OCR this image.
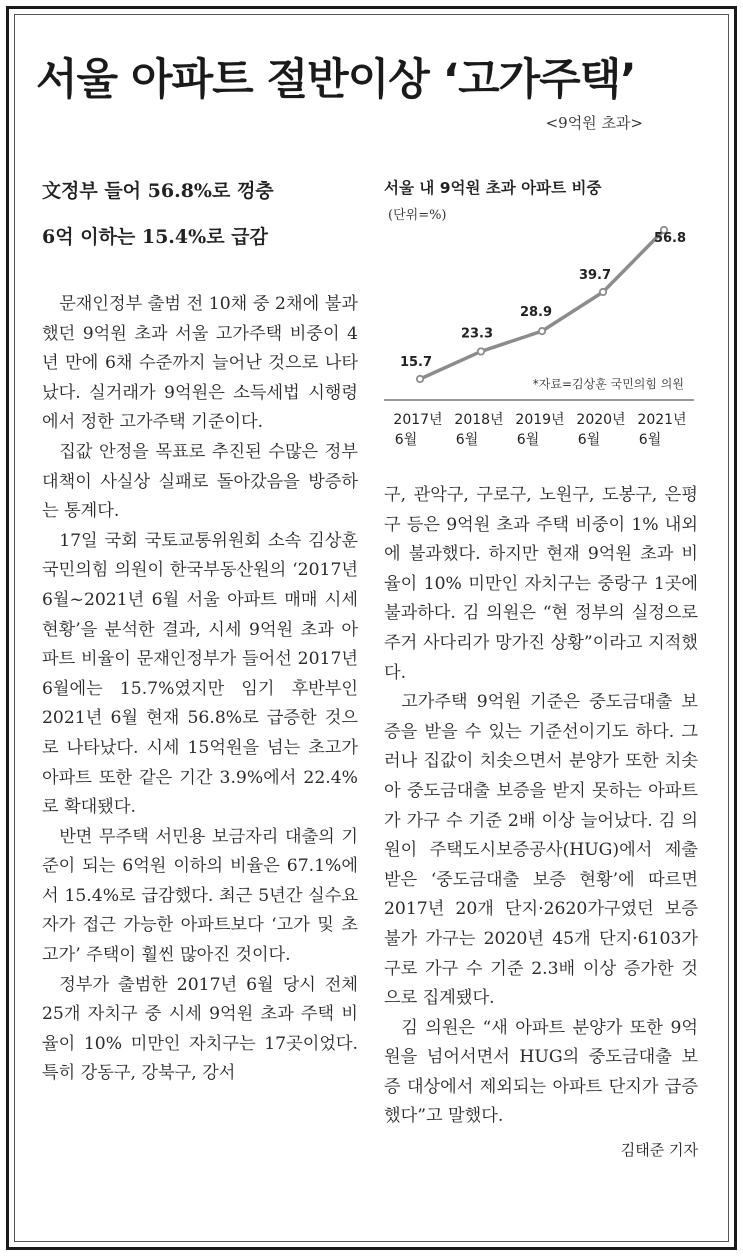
서울 아파트 절반이상 ‘고가주택’
<9억원 초과>
文정부 들어 56.8%로 껑충
6억 이하는 15.4%로 급감

문재인정부 출범 전 10채 중 2채에 불과했던 9억원 초과 서울 고가주택 비중이 4년 만에 6채 수준까지 늘어난 것으로 나타났다. 실거래가 9억원은 소득세법 시행령에서 정한 고가주택 기준이다.

집값 안정을 목표로 추진된 수많은 정부 대책이 사실상 실패로 돌아갔음을 방증하는 통계다.

17일 국회 국토교통위원회 소속 김상훈 국민의힘 의원이 한국부동산원의 ‘2017년 6월~2021년 6월 서울 아파트 매매 시세 현황’을 분석한 결과, 시세 9억원 초과 아파트 비율이 문재인정부가 들어선 2017년 6월에는 15.7%였지만 임기 후반부인 2021년 6월 현재 56.8%로 급증한 것으로 나타났다. 시세 15억원을 넘는 초고가 아파트 또한 같은 기간 3.9%에서 22.4%로 확대됐다.

반면 무주택 서민용 보금자리 대출의 기준이 되는 6억원 이하의 비율은 67.1%에서 15.4%로 급감했다. 최근 5년간 실수요자가 접근 가능한 아파트보다 ‘고가 및 초고가’ 주택이 훨씬 많아진 것이다.

정부가 출범한 2017년 6월 당시 전체 25개 자치구 중 시세 9억원 초과 주택 비율이 10% 미만인 자치구는 17곳이었다. 특히 강동구, 강북구, 강서

서울 내 9억원 초과 아파트 비중
(단위=%)
*자료=김상훈 국민의힘 의원
15.7
2017년
6월
23.3
2018년
6월
28.9
2019년
6월
39.7
2020년
6월
56.8
2021년
6월

구, 관악구, 구로구, 노원구, 도봉구, 은평구 등은 9억원 초과 주택 비중이 1% 내외에 불과했다. 하지만 현재 9억원 초과 비율이 10% 미만인 자치구는 중랑구 1곳에 불과하다. 김 의원은 “현 정부의 실정으로 주거 사다리가 망가진 상황”이라고 지적했다.

고가주택 9억원 기준은 중도금대출 보증을 받을 수 있는 기준선이기도 하다. 그러나 집값이 치솟으면서 분양가 또한 치솟아 중도금대출 보증을 받지 못하는 아파트가 가구 수 기준 2배 이상 늘어났다. 김 의원이 주택도시보증공사(HUG)에서 제출받은 ‘중도금대출 보증 현황’에 따르면 2017년 20개 단지·2620가구였던 보증 불가 가구는 2020년 45개 단지·6103가구로 가구 수 기준 2.3배 이상 증가한 것으로 집계됐다.

김 의원은 “새 아파트 분양가 또한 9억원을 넘어서면서 HUG의 중도금대출 보증 대상에서 제외되는 아파트 단지가 급증했다”고 말했다.

김태준 기자
